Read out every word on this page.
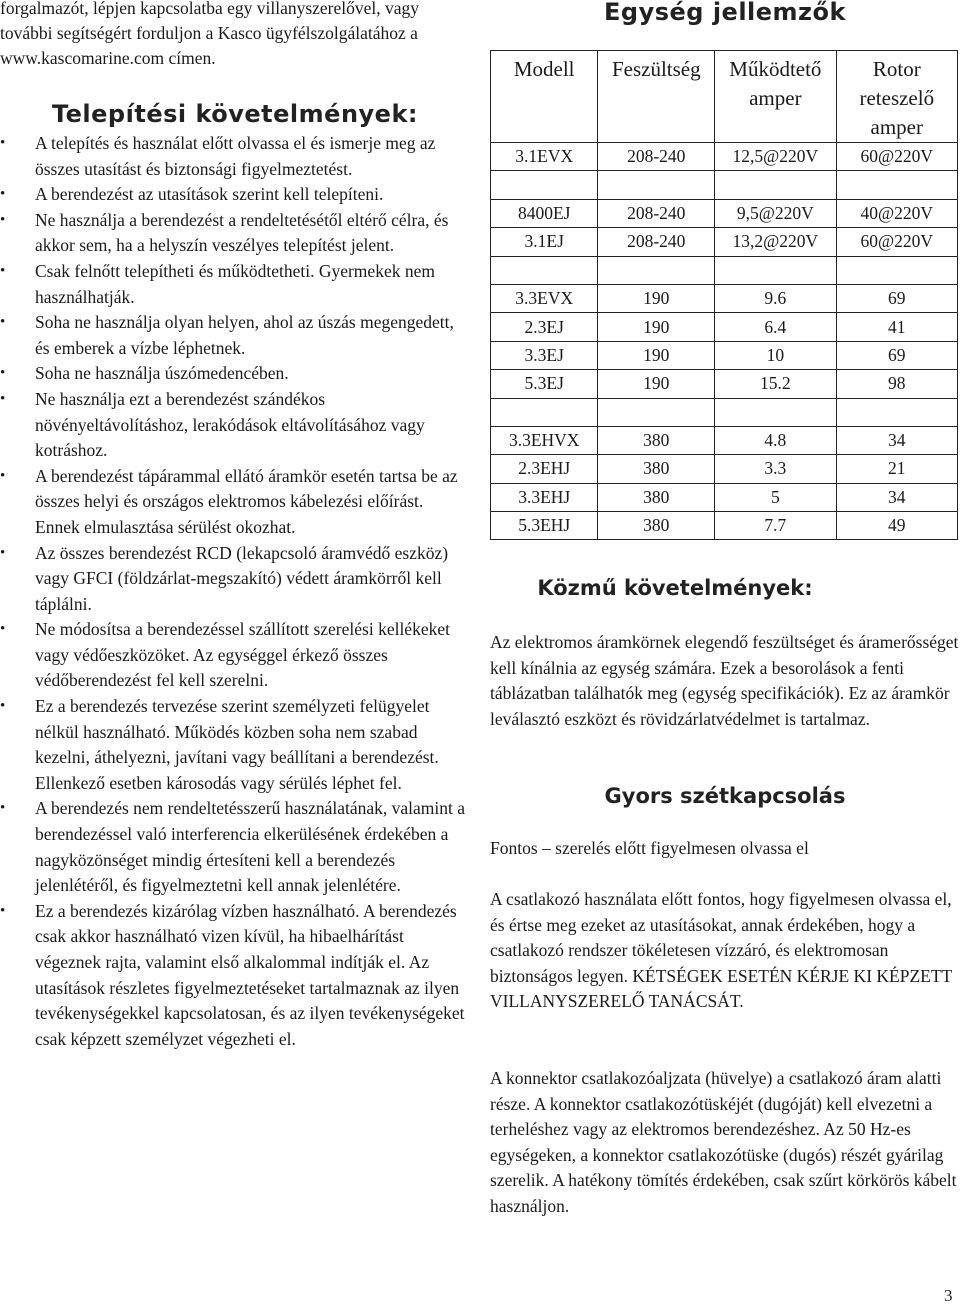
forgalmazót, lépjen kapcsolatba egy villanyszerelővel, vagy további segítségért forduljon a Kasco ügyfélszolgálatához a www.kascomarine.com címen.

Telepítési követelmények:
• A telepítés és használat előtt olvassa el és ismerje meg az összes utasítást és biztonsági figyelmeztetést.
• A berendezést az utasítások szerint kell telepíteni.
• Ne használja a berendezést a rendeltetésétől eltérő célra, és akkor sem, ha a helyszín veszélyes telepítést jelent.
• Csak felnőtt telepítheti és működtetheti. Gyermekek nem használhatják.
• Soha ne használja olyan helyen, ahol az úszás megengedett, és emberek a vízbe léphetnek.
• Soha ne használja úszómedencében.
• Ne használja ezt a berendezést szándékos növényeltávolításhoz, lerakódások eltávolításához vagy kotráshoz.
• A berendezést tápárammal ellátó áramkör esetén tartsa be az összes helyi és országos elektromos kábelezési előírást. Ennek elmulasztása sérülést okozhat.
• Az összes berendezést RCD (lekapcsoló áramvédő eszköz) vagy GFCI (földzárlat-megszakító) védett áramkörről kell táplálni.
• Ne módosítsa a berendezéssel szállított szerelési kellékeket vagy védőeszközöket. Az egységgel érkező összes védőberendezést fel kell szerelni.
• Ez a berendezés tervezése szerint személyzeti felügyelet nélkül használható. Működés közben soha nem szabad kezelni, áthelyezni, javítani vagy beállítani a berendezést. Ellenkező esetben károsodás vagy sérülés léphet fel.
• A berendezés nem rendeltetésszerű használatának, valamint a berendezéssel való interferencia elkerülésének érdekében a nagyközönséget mindig értesíteni kell a berendezés jelenlétéről, és figyelmeztetni kell annak jelenlétére.
• Ez a berendezés kizárólag vízben használható. A berendezés csak akkor használható vizen kívül, ha hibaelhárítást végeznek rajta, valamint első alkalommal indítják el. Az utasítások részletes figyelmeztetéseket tartalmaznak az ilyen tevékenységekkel kapcsolatosan, és az ilyen tevékenységeket csak képzett személyzet végezheti el.
Egység jellemzők
Modell	Feszültség	Működtető amper	Rotor reteszelő amper
3.1EVX	208-240	12,5@220V	60@220V

8400EJ	208-240	9,5@220V	40@220V
3.1EJ	208-240	13,2@220V	60@220V

3.3EVX	190	9.6	69
2.3EJ	190	6.4	41
3.3EJ	190	10	69
5.3EJ	190	15.2	98

3.3EHVX	380	4.8	34
2.3EHJ	380	3.3	21
3.3EHJ	380	5	34
5.3EHJ	380	7.7	49
Közmű követelmények:

Az elektromos áramkörnek elegendő feszültséget és áramerősséget kell kínálnia az egység számára. Ezek a besorolások a fenti táblázatban találhatók meg (egység specifikációk). Ez az áramkör leválasztó eszközt és rövidzárlatvédelmet is tartalmaz.

Gyors szétkapcsolás

Fontos – szerelés előtt figyelmesen olvassa el

A csatlakozó használata előtt fontos, hogy figyelmesen olvassa el, és értse meg ezeket az utasításokat, annak érdekében, hogy a csatlakozó rendszer tökéletesen vízzáró, és elektromosan biztonságos legyen. KÉTSÉGEK ESETÉN KÉRJE KI KÉPZETT VILLANYSZERELŐ TANÁCSÁT.

A konnektor csatlakozóaljzata (hüvelye) a csatlakozó áram alatti része. A konnektor csatlakozótüskéjét (dugóját) kell elvezetni a terheléshez vagy az elektromos berendezéshez. Az 50 Hz-es egységeken, a konnektor csatlakozótüske (dugós) részét gyárilag szerelik. A hatékony tömítés érdekében, csak szűrt körkörös kábelt használjon.

3
